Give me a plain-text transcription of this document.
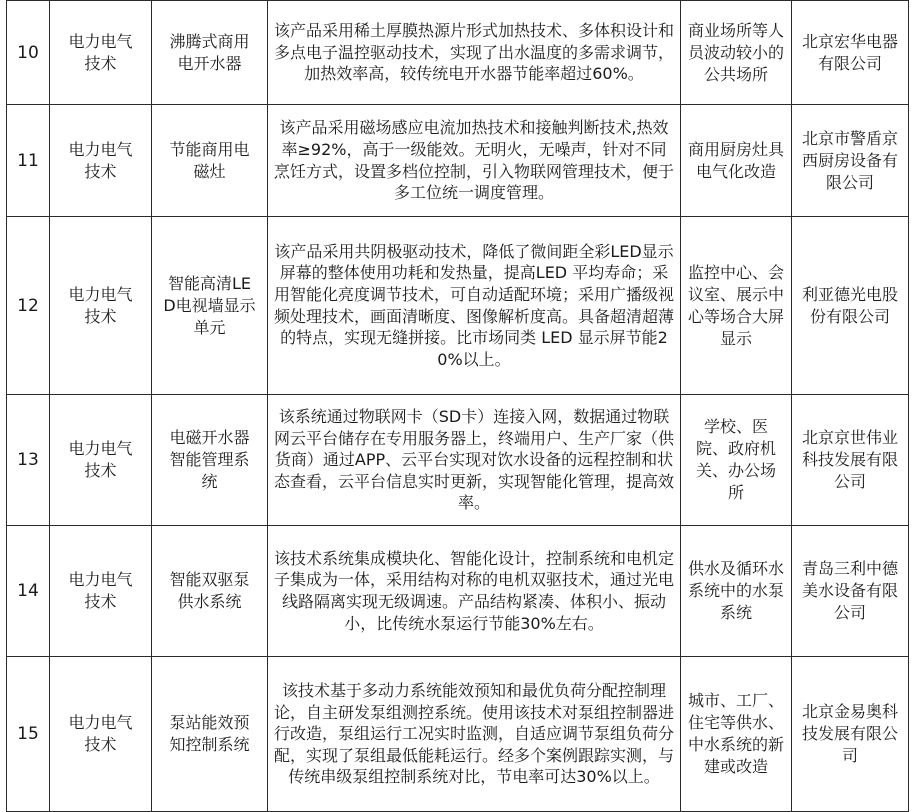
10	电力电气技术	沸腾式商用电开水器	该产品采用稀土厚膜热源片形式加热技术、多体积设计和多点电子温控驱动技术，实现了出水温度的多需求调节，加热效率高，较传统电开水器节能率超过60%。	商业场所等人员波动较小的公共场所	北京宏华电器有限公司
11	电力电气技术	节能商用电磁灶	该产品采用磁场感应电流加热技术和接触判断技术,热效率≥92%，高于一级能效。无明火，无噪声，针对不同烹饪方式，设置多档位控制，引入物联网管理技术，便于多工位统一调度管理。	商用厨房灶具电气化改造	北京市警盾京西厨房设备有限公司
12	电力电气技术	智能高清LED电视墙显示单元	该产品采用共阴极驱动技术，降低了微间距全彩LED显示屏幕的整体使用功耗和发热量，提高LED 平均寿命；采用智能化亮度调节技术，可自动适配环境；采用广播级视频处理技术，画面清晰度、图像解析度高。具备超清超薄的特点，实现无缝拼接。比市场同类 LED 显示屏节能20%以上。	监控中心、会议室、展示中心等场合大屏显示	利亚德光电股份有限公司
13	电力电气技术	电磁开水器智能管理系统	该系统通过物联网卡（SD卡）连接入网，数据通过物联网云平台储存在专用服务器上，终端用户、生产厂家（供货商）通过APP、云平台实现对饮水设备的远程控制和状态查看，云平台信息实时更新，实现智能化管理，提高效率。	学校、医院、政府机关、办公场所	北京京世伟业科技发展有限公司
14	电力电气技术	智能双驱泵供水系统	该技术系统集成模块化、智能化设计，控制系统和电机定子集成为一体，采用结构对称的电机双驱技术，通过光电线路隔离实现无级调速。产品结构紧凑、体积小、振动小，比传统水泵运行节能30%左右。	供水及循环水系统中的水泵系统	青岛三利中德美水设备有限公司
15	电力电气技术	泵站能效预知控制系统	该技术基于多动力系统能效预知和最优负荷分配控制理论，自主研发泵组测控系统。使用该技术对泵组控制器进行改造，泵组运行工况实时监测，自适应调节泵组负荷分配，实现了泵组最低能耗运行。经多个案例跟踪实测，与传统串级泵组控制系统对比，节电率可达30%以上。	城市、工厂、住宅等供水、中水系统的新建或改造	北京金易奥科技发展有限公司
